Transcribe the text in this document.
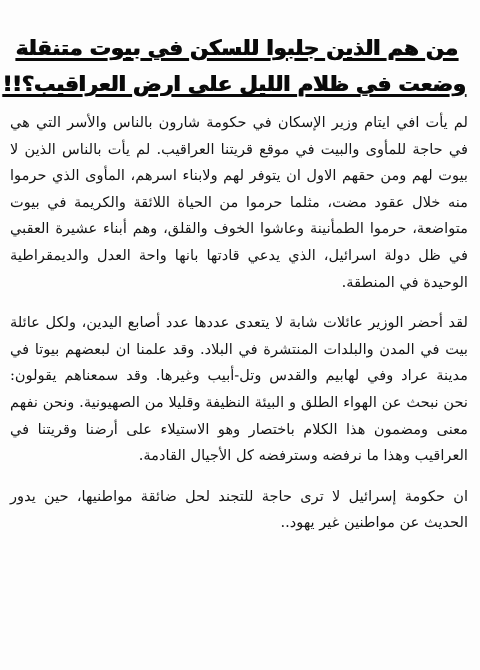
من هم الذين جلبوا للسكن في بيوت متنقلة
وضعت في ظلام الليل على ارض العراقيب؟!!

لم يأت افي ايتام وزير الإسكان في حكومة شارون بالناس والأسر التي هي في حاجة للمأوى والبيت في موقع قريتنا العراقيب. لم يأت بالناس الذين لا بيوت لهم ومن حقهم الاول ان يتوفر لهم ولابناء اسرهم، المأوى الذي حرموا منه خلال عقود مضت، مثلما حرموا من الحياة اللائقة والكريمة في بيوت متواضعة، حرموا الطمأنينة وعاشوا الخوف والقلق، وهم أبناء عشيرة العقبي في ظل دولة اسرائيل، الذي يدعي قادتها بانها واحة العدل والديمقراطية الوحيدة في المنطقة.

لقد أحضر الوزير عائلات شابة لا يتعدى عددها عدد أصابع اليدين، ولكل عائلة بيت في المدن والبلدات المنتشرة في البلاد. وقد علمنا ان لبعضهم بيوتا في مدينة عراد وفي لهابيم والقدس وتل-أبيب وغيرها. وقد سمعناهم يقولون: نحن نبحث عن الهواء الطلق و البيئة النظيفة وقليلا من الصهيونية. ونحن نفهم معنى ومضمون هذا الكلام باختصار وهو الاستيلاء على أرضنا وقريتنا في العراقيب وهذا ما نرفضه وسترفضه كل الأجيال القادمة.

ان حكومة إسرائيل لا ترى حاجة للتجند لحل ضائقة مواطنيها، حين يدور الحديث عن مواطنين غير يهود..
